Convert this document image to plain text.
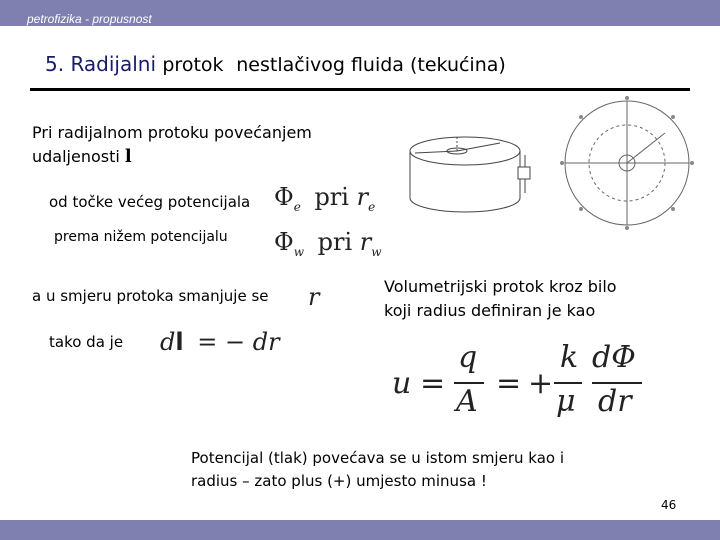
petrofizika - propusnost
5. Radijalni protok nestlačivog fluida (tekućina)
Pri radijalnom protoku povećanjem
udaljenosti l
od točke većeg potencijala $\Phi_e$ pri $r_e$
prema nižem potencijalu $\Phi_w$ pri $r_w$
a u smjeru protoka smanjuje se r
tako da je dl = − dr
Volumetrijski protok kroz bilo
koji radius definiran je kao
u =
q
A
= +
k
μ
dΦ
dr
Potencijal (tlak) povećava se u istom smjeru kao i
radius – zato plus (+) umjesto minusa !
46
